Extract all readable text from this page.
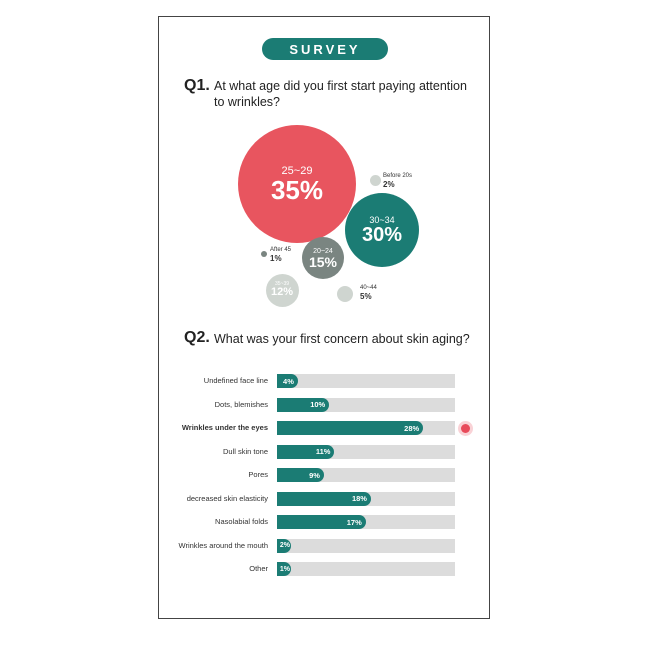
SURVEY
Q1. At what age did you first start paying attention
to wrinkles?
25~29
35%
30~34
30%
20~24
15%
35~39
12%	40~44
5%
Before 20s
2%
After 45
1%
Q2. What was your first concern about skin aging?
Undefined face line 4%
Dots, blemishes	10%
Wrinkles under the eyes	28%
Dull skin tone	11%
Pores	9%
decreased skin elasticity	18%
Nasolabial folds	17%
Wrinkles around the mouth 2%
Other 1%
